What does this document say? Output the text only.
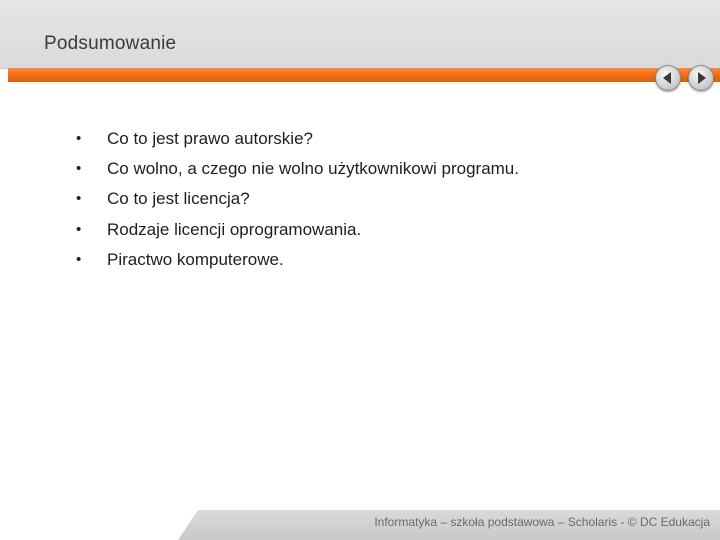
Podsumowanie
• Co to jest prawo autorskie?
• Co wolno, a czego nie wolno użytkownikowi programu.
• Co to jest licencja?
• Rodzaje licencji oprogramowania.
• Piractwo komputerowe.
Informatyka – szkoła podstawowa – Scholaris - © DC Edukacja
